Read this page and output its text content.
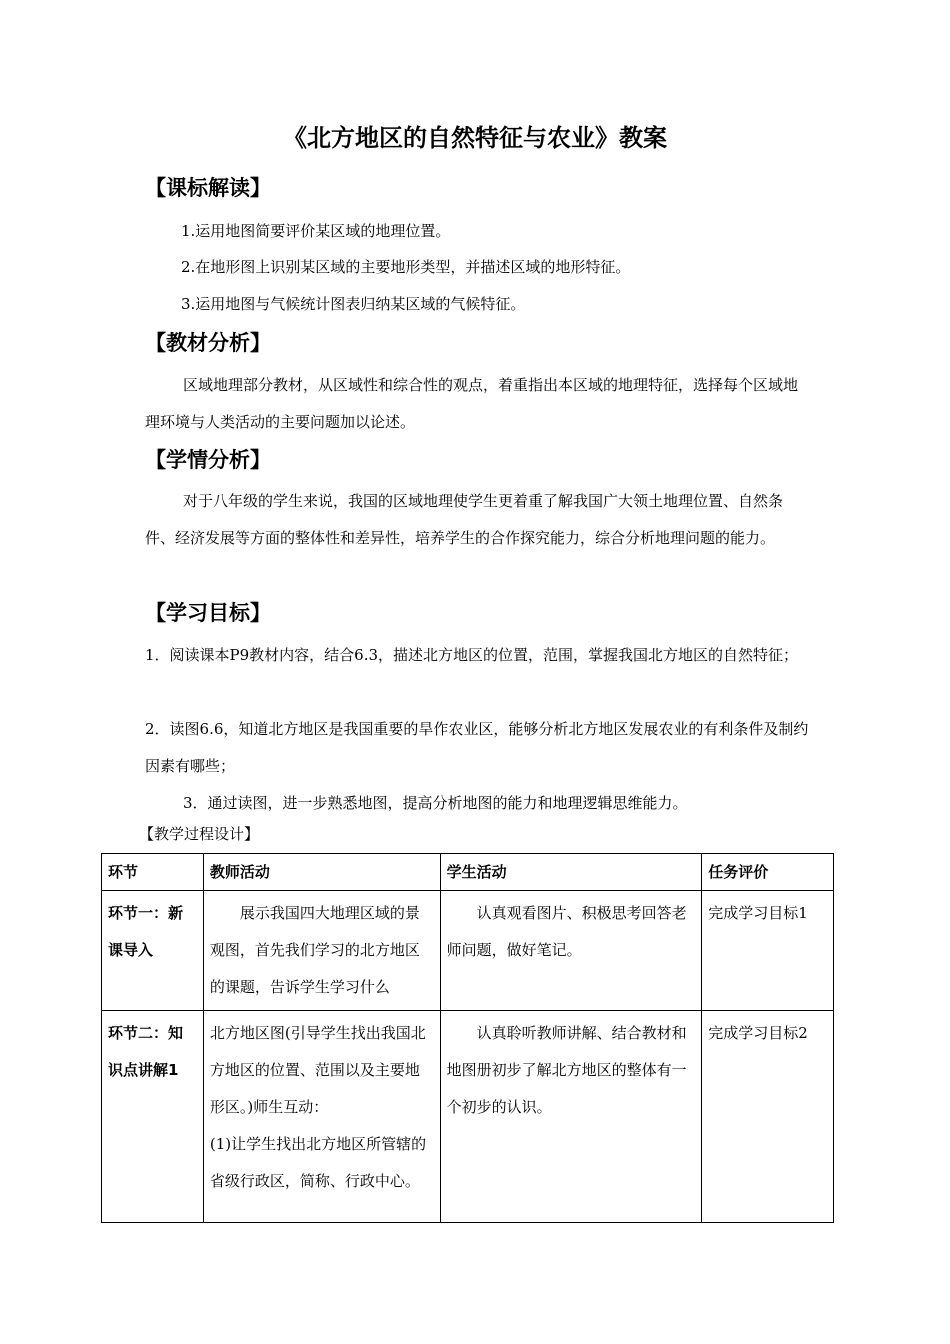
《北方地区的自然特征与农业》教案
【课标解读】
1.运用地图简要评价某区域的地理位置。
2.在地形图上识别某区域的主要地形类型，并描述区域的地形特征。
3.运用地图与气候统计图表归纳某区域的气候特征。
【教材分析】

区域地理部分教材，从区域性和综合性的观点，着重指出本区域的地理特征，选择每个区域地理环境与人类活动的主要问题加以论述。

【学情分析】

对于八年级的学生来说，我国的区域地理使学生更着重了解我国广大领土地理位置、自然条件、经济发展等方面的整体性和差异性，培养学生的合作探究能力，综合分析地理问题的能力。

【学习目标】

1．阅读课本P9教材内容，结合6.3，描述北方地区的位置，范围，掌握我国北方地区的自然特征；

2．读图6.6，知道北方地区是我国重要的旱作农业区，能够分析北方地区发展农业的有利条件及制约因素有哪些；

3．通过读图，进一步熟悉地图，提高分析地图的能力和地理逻辑思维能力。

【教学过程设计】
环节	教师活动	学生活动	任务评价
环节一：新课导入	展示我国四大地理区域的景观图，首先我们学习的北方地区的课题，告诉学生学习什么	认真观看图片、积极思考回答老师问题，做好笔记。	完成学习目标1
环节二：知识点讲解1	北方地区图(引导学生找出我国北方地区的位置、范围以及主要地形区。)师生互动：
(1)让学生找出北方地区所管辖的省级行政区，简称、行政中心。	认真聆听教师讲解、结合教材和地图册初步了解北方地区的整体有一个初步的认识。	完成学习目标2
